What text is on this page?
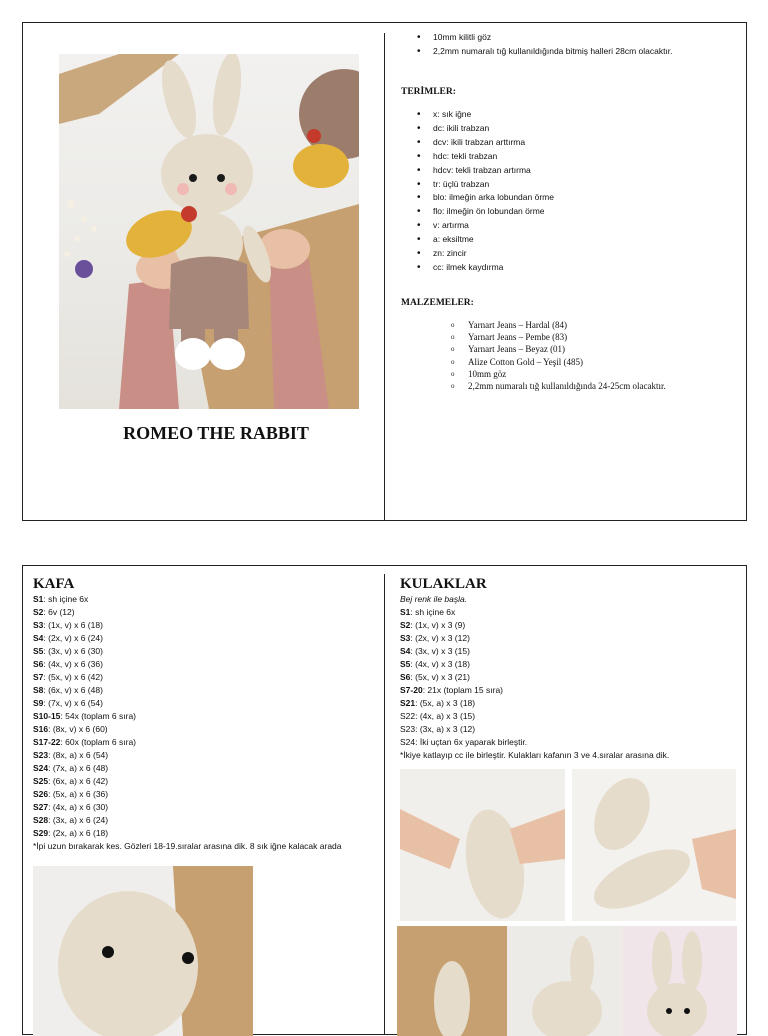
ROMEO THE RABBIT
• 10mm kilitli göz
• 2,2mm numaralı tığ kullanıldığında bitmiş halleri 28cm olacaktır.
TERİMLER:
• x: sık iğne
• dc: ikili trabzan
• dcv: ikili trabzan arttırma
• hdc: tekli trabzan
• hdcv: tekli trabzan artırma
• tr: üçlü trabzan
• blo: ilmeğin arka lobundan örme
• flo: ilmeğin ön lobundan örme
• v: artırma
• a: eksiltme
• zn: zincir
• cc: ilmek kaydırma
MALZEMELER:
o Yarnart Jeans – Hardal (84)
o Yarnart Jeans – Pembe (83)
o Yarnart Jeans – Beyaz (01)
o Alize Cotton Gold – Yeşil (485)
o 10mm göz
o 2,2mm numaralı tığ kullanıldığında 24-25cm olacaktır.
KAFA
S1: sh içine 6x
S2: 6v (12)
S3: (1x, v) x 6 (18)
S4: (2x, v) x 6 (24)
S5: (3x, v) x 6 (30)
S6: (4x, v) x 6 (36)
S7: (5x, v) x 6 (42)
S8: (6x, v) x 6 (48)
S9: (7x, v) x 6 (54)
S10-15: 54x (toplam 6 sıra)
S16: (8x, v) x 6 (60)
S17-22: 60x (toplam 6 sıra)
S23: (8x, a) x 6 (54)
S24: (7x, a) x 6 (48)
S25: (6x, a) x 6 (42)
S26: (5x, a) x 6 (36)
S27: (4x, a) x 6 (30)
S28: (3x, a) x 6 (24)
S29: (2x, a) x 6 (18)
*İpi uzun bırakarak kes. Gözleri 18-19.sıralar arasına dik. 8 sık iğne kalacak arada
KULAKLAR
Bej renk ile başla.
S1: sh içine 6x
S2: (1x, v) x 3 (9)
S3: (2x, v) x 3 (12)
S4: (3x, v) x 3 (15)
S5: (4x, v) x 3 (18)
S6: (5x, v) x 3 (21)
S7-20: 21x (toplam 15 sıra)
S21: (5x, a) x 3 (18)
S22: (4x, a) x 3 (15)
S23: (3x, a) x 3 (12)
S24: İki uçtan 6x yaparak birleştir.
*İkiye katlayıp cc ile birleştir. Kulakları kafanın 3 ve 4.sıralar arasına dik.
